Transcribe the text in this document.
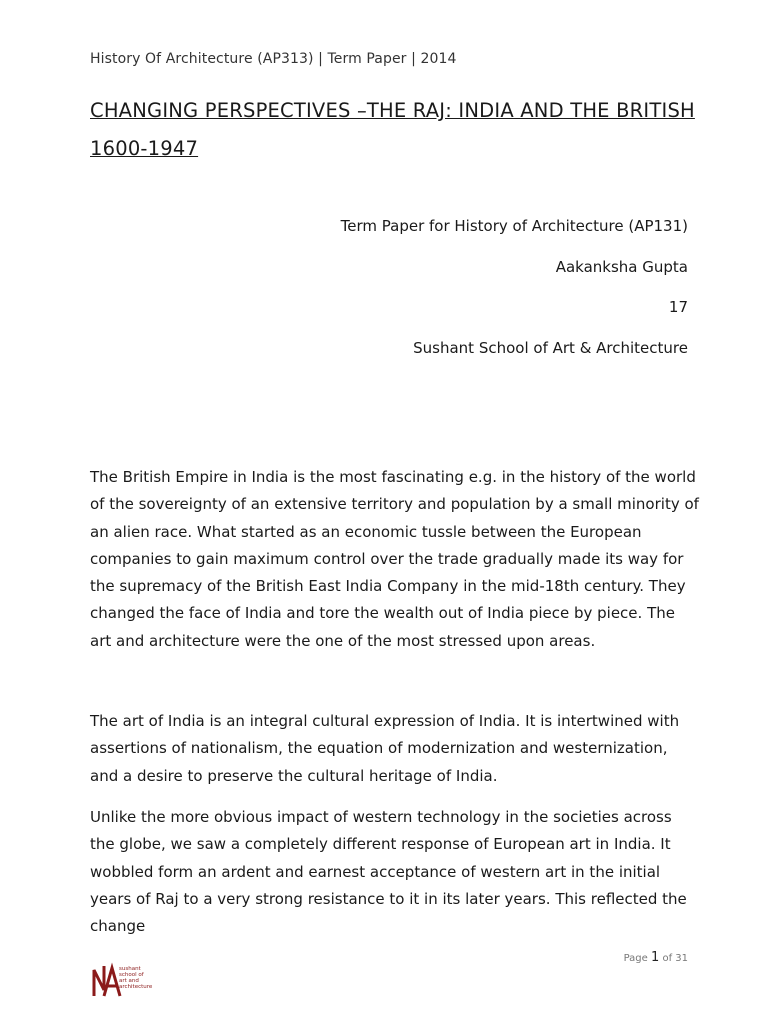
History Of Architecture (AP313) | Term Paper | 2014
CHANGING PERSPECTIVES –THE RAJ: INDIA AND THE BRITISH
1600-1947
Term Paper for History of Architecture (AP131)
Aakanksha Gupta
17
Sushant School of Art & Architecture

The British Empire in India is the most fascinating e.g. in the history of the world of the sovereignty of an extensive territory and population by a small minority of an alien race. What started as an economic tussle between the European companies to gain maximum control over the trade gradually made its way for the supremacy of the British East India Company in the mid-18th century. They changed the face of India and tore the wealth out of India piece by piece. The art and architecture were the one of the most stressed upon areas.

The art of India is an integral cultural expression of India. It is intertwined with assertions of nationalism, the equation of modernization and westernization, and a desire to preserve the cultural heritage of India.

Unlike the more obvious impact of western technology in the societies across the globe, we saw a completely different response of European art in India. It wobbled form an ardent and earnest acceptance of western art in the initial years of Raj to a very strong resistance to it in its later years. This reflected the change

sushant
school of
art and
architecture
Page 1 of 31
